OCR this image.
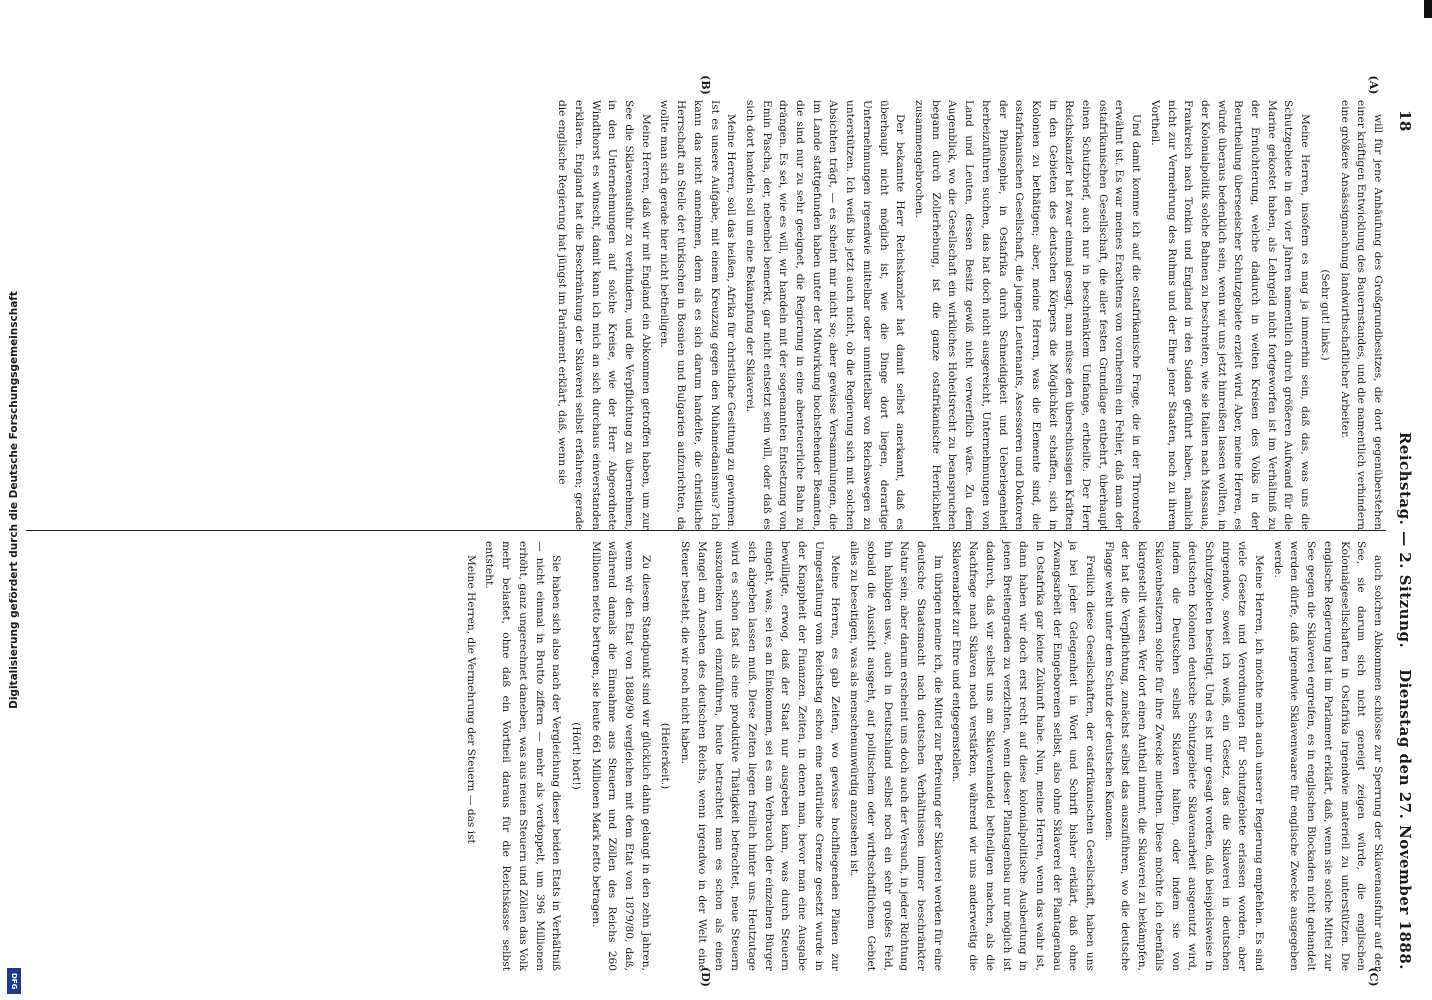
Digitalisierung gefördert durch die Deutsche Forschungsgemeinschaft
DFG
18
Reichstag. — 2. Sitzung.
Dienstag den 27. November 1888.
(A)
(B)
(C)
(D)

will für jene Anhäufung des Großgrundbesitzes, die dort gegenüberstehen einer kräftigen Entwicklung des Bauernstandes, und die namentlich verhindern eine größere Ansässigmachung landwirthschaftlicher Arbeiter.

(Sehr gut! links.)

Meine Herren, insofern es mag ja immerhin sein, daß das, was uns die Schutzgebiete in den vier Jahren namentlich durch größeren Aufwand für die Marine gekostet haben, als Lehrgeld nicht fortgeworfen ist im Verhältniß zu der Ernüchterung, welche dadurch in weiten Kreisen des Volks in der Beurtheilung überseeischer Schutzgebiete erzielt wird. Aber, meine Herren, es würde überaus bedenklich sein, wenn wir uns jetzt hinreißen lassen wollten, in der Kolonialpolitik solche Bahnen zu beschreiten, wie sie Italien nach Massaua, Frankreich nach Tonkin und England in den Sudan geführt haben, nämlich nicht zur Vermehrung des Ruhms und der Ehre jener Staaten, noch zu ihrem Vortheil.

Und damit komme ich auf die ostafrikanische Frage, die in der Thronrede erwähnt ist. Es war meines Erachtens von vornherein ein Fehler, daß man der ostafrikanischen Gesellschaft, die aller festen Grundlage entbehrt, überhaupt einen Schutzbrief, auch nur in beschränktem Umfange, ertheilte. Der Herr Reichskanzler hat zwar einmal gesagt, man müsse den überschüssigen Kräften in den Gebieten des deutschen Körpers die Möglichkeit schaffen, sich in Kolonien zu bethätigen; aber, meine Herren, was die Elemente sind, die ostafrikanischen Gesellschaft, die jungen Leutenants, Assessoren und Doktoren der Philosophie, in Ostafrika durch Schneidigkeit und Ueberlegenheit herbeizuführen suchen, das hat doch nicht ausgereicht, Unternehmungen von Land und Leuten, dessen Besitz gewiß nicht verwerflich wäre. Zu dem Augenblick, wo die Gesellschaft ein wirkliches Hoheitsrecht zu beanspruchen begann durch Zollerhebung, ist die ganze ostafrikanische Herrlichkeit zusammengebrochen.

Der bekannte Herr Reichskanzler hat damit selbst anerkannt, daß es überhaupt nicht möglich ist, wie die Dinge dort liegen, derartige Unternehmungen irgendwie mittelbar oder unmittelbar von Reichswegen zu unterstützen. Ich weiß bis jetzt auch nicht, ob die Regierung sich mit solchen Absichten trägt, — es scheint mir nicht so; aber gewisse Versammlungen, die im Lande stattgefunden haben unter der Mitwirkung hochstehender Beamten, die sind nur zu sehr geeignet, die Regierung in eine abenteuerliche Bahn zu drängen. Es sei, wie es will, wir handeln mit der sogenannten Entsetzung von Emin Pascha, der, nebenbei bemerkt, gar nicht entsetzt sein will, oder daß es sich dort handeln soll um eine Bekämpfung der Sklaverei.

Meine Herren, soll das heißen, Afrika für christliche Gesittung zu gewinnen. Ist es unsere Aufgabe, mit einem Kreuzzug gegen den Muhamedanismus? Ich kann das nicht annehmen, denn als es sich darum handelte, die christliche Herrschaft an Stelle der türkischen in Bosnien und Bulgarien aufzurichten, da wollte man sich gerade hier nicht betheiligen.

Meine Herren, daß wir mit England ein Abkommen getroffen haben, um zur See die Sklavenausfuhr zu verhindern, und die Verpflichtung zu übernehmen, in den Unternehmungen auf solche Kreise, wie der Herr Abgeordnete Windthorst es wünscht, damit kann ich mich an sich durchaus einverstanden erklären. England hat die Beschränkung der Sklaverei selbst erfahren; gerade die englische Regierung hat jüngst im Parlament erklärt, daß, wenn sie

auch solchen Abkommen schlösse zur Sperrung der Sklavenausfuhr auf der See, sie darum sich nicht geneigt zeigen würde, die englischen Kolonialgesellschaften in Ostafrika irgendwie materiell zu unterstützen. Die englische Regierung hat im Parlament erklärt, daß, wenn sie solche Mittel zur See gegen die Sklaverei ergreifen, es in englischen Blockaden nicht gehandelt werden dürfe, daß irgendwie Sklavenwaare für englische Zwecke ausgegeben werde.

Meine Herren, ich möchte mich auch unserer Regierung empfehlen. Es sind viele Gesetze und Verordnungen für Schutzgebiete erlassen worden, aber nirgendwo, soweit ich weiß, ein Gesetz, das die Sklaverei in deutschen Schutzgebieten beseitigt. Und es ist mir gesagt worden, daß beispielsweise in deutschen Kolonien deutsche Schutzgebiete Sklavenarbeit ausgenutzt wird, indem die Deutschen selbst Sklaven halten, oder indem sie von Sklavenbesitzern solche für ihre Zwecke miethen. Diese möchte ich ebenfalls klargestellt wissen. Wer dort einen Antheil nimmt, die Sklaverei zu bekämpfen, der hat die Verpflichtung, zunächst selbst das auszuführen, wo die deutsche Flagge weht unter dem Schutz der deutschen Kanonen.

Freilich diese Gesellschaften, der ostafrikanischen Gesellschaft, haben uns ja bei jeder Gelegenheit in Wort und Schrift bisher erklärt, daß ohne Zwangsarbeit der Eingeborenen selbst, also ohne Sklaverei der Plantagenbau in Ostafrika gar keine Zukunft habe. Nun, meine Herren, wenn das wahr ist, dann haben wir doch erst recht auf diese kolonialpolitische Ausbeutung in jenen Breitengraden zu verzichten, wenn dieser Plantagenbau nur möglich ist dadurch, daß wir selbst uns am Sklavenhandel betheiligen machen, als die Nachfrage nach Sklaven noch verstärken, während wir uns anderweitig die Sklavenarbeit zur Ehre und entgegenstellen.

Im übrigen meine ich, die Mittel zur Befreiung der Sklaverei werden für eine deutsche Staatsmacht nach deutschen Verhältnissen immer beschränkter Natur sein; aber darum erscheint uns doch auch der Versuch, in jeder Richtung hin halbigen usw., auch in Deutschland selbst noch ein sehr großes Feld, sobald die Aussicht ausgeht, auf politischem oder wirthschaftlichem Gebiet alles zu beseitigen, was als menschenunwürdig anzusehen ist.

Meine Herren, es gab Zeiten, wo gewisse hochfliegenden Plänen zur Umgestaltung vom Reichstag schon eine natürliche Grenze gesetzt wurde in der Knappheit der Finanzen. Zeiten, in denen man, bevor man eine Ausgabe bewilligte, erwog, daß der Staat nur ausgeben kann, was durch Steuern eingeht, was, sei es an Einkommen, sei es am Verbrauch der einzelnen Bürger sich abgeben lassen muß. Diese Zeiten liegen freilich hinter uns. Heutzutage wird es schon fast als eine produktive Thätigkeit betrachtet, neue Steuern auszudenken und einzuführen, heute betrachtet man es schon als einen Mangel am Ansehen des deutschen Reichs, wenn irgendwo in der Welt eine Steuer besteht, die wir noch nicht haben.

(Heiterkeit.)

Zu diesem Standpunkt sind wir glücklich dahin gelangt in den zehn Jahren, wenn wir den Etat von 1888/90 vergleichen mit dem Etat von 1879/80, daß, während damals die Einnahme aus Steuern und Zöllen des Reichs 260 Millionen netto betrugen, sie heute 661 Millionen Mark netto betragen.

(Hört! hört!)

Sie haben sich also nach der Vergleichung dieser beiden Etats in Verhältniß — nicht einmal in Brutto ziffern — mehr als verdoppelt, um 396 Millionen erhöht, ganz ungerechnet daneben, was aus neuen Steuern und Zöllen das Volk mehr belastet, ohne daß ein Vortheil daraus für die Reichskasse selbst entsteht.

Meine Herren, die Vermehrung der Steuern — das ist
